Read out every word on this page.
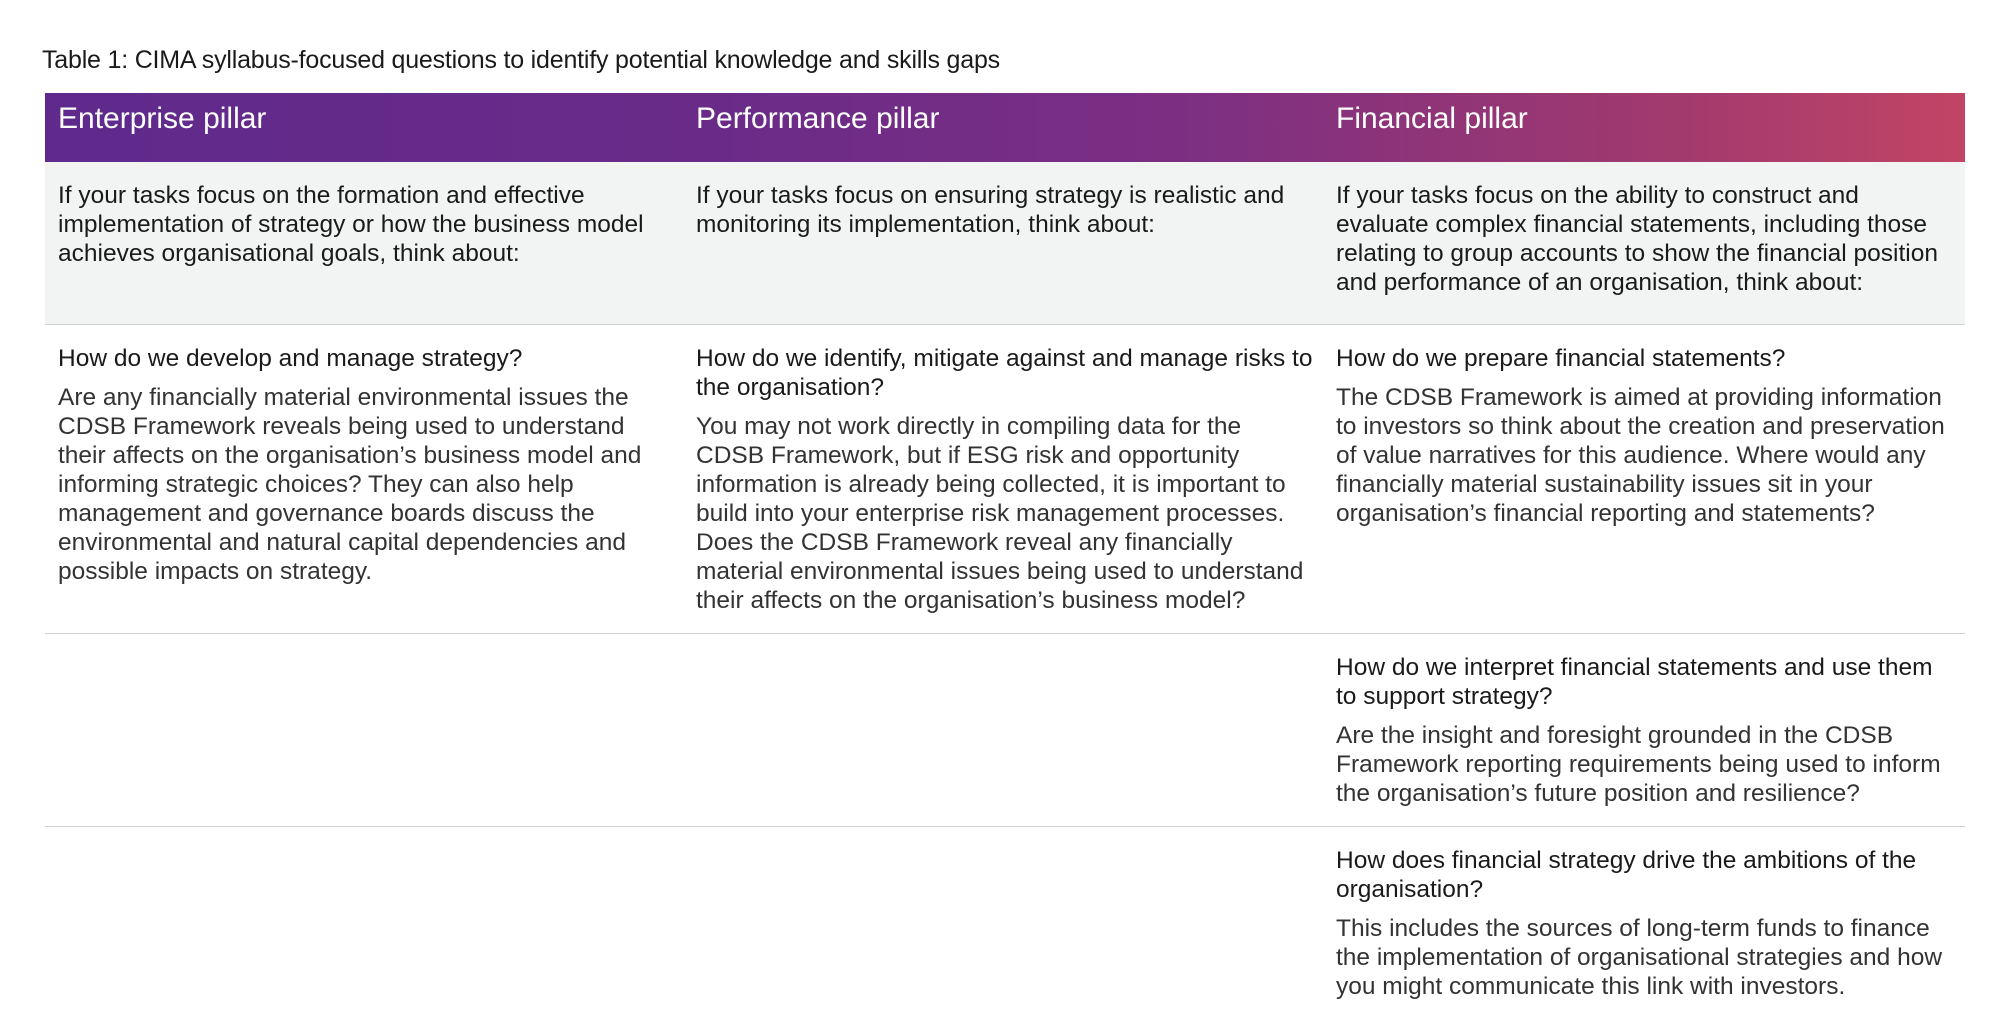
Table 1: CIMA syllabus-focused questions to identify potential knowledge and skills gaps
Enterprise pillar	Performance pillar	Financial pillar
If your tasks focus on the formation and effective implementation of strategy or how the business model achieves organisational goals, think about:
If your tasks focus on ensuring strategy is realistic and monitoring its implementation, think about:
If your tasks focus on the ability to construct and evaluate complex financial statements, including those relating to group accounts to show the financial position and performance of an organisation, think about:
How do we develop and manage strategy?
Are any financially material environmental issues the CDSB Framework reveals being used to understand their affects on the organisation’s business model and informing strategic choices? They can also help management and governance boards discuss the environmental and natural capital dependencies and possible impacts on strategy.
How do we identify, mitigate against and manage risks to the organisation?
You may not work directly in compiling data for the CDSB Framework, but if ESG risk and opportunity information is already being collected, it is important to build into your enterprise risk management processes. Does the CDSB Framework reveal any financially material environmental issues being used to understand their affects on the organisation’s business model?
How do we prepare financial statements?
The CDSB Framework is aimed at providing information to investors so think about the creation and preservation of value narratives for this audience. Where would any financially material sustainability issues sit in your organisation’s financial reporting and statements?
How do we interpret financial statements and use them to support strategy?
Are the insight and foresight grounded in the CDSB Framework reporting requirements being used to inform the organisation’s future position and resilience?
How does financial strategy drive the ambitions of the organisation?
This includes the sources of long-term funds to finance the implementation of organisational strategies and how you might communicate this link with investors.
